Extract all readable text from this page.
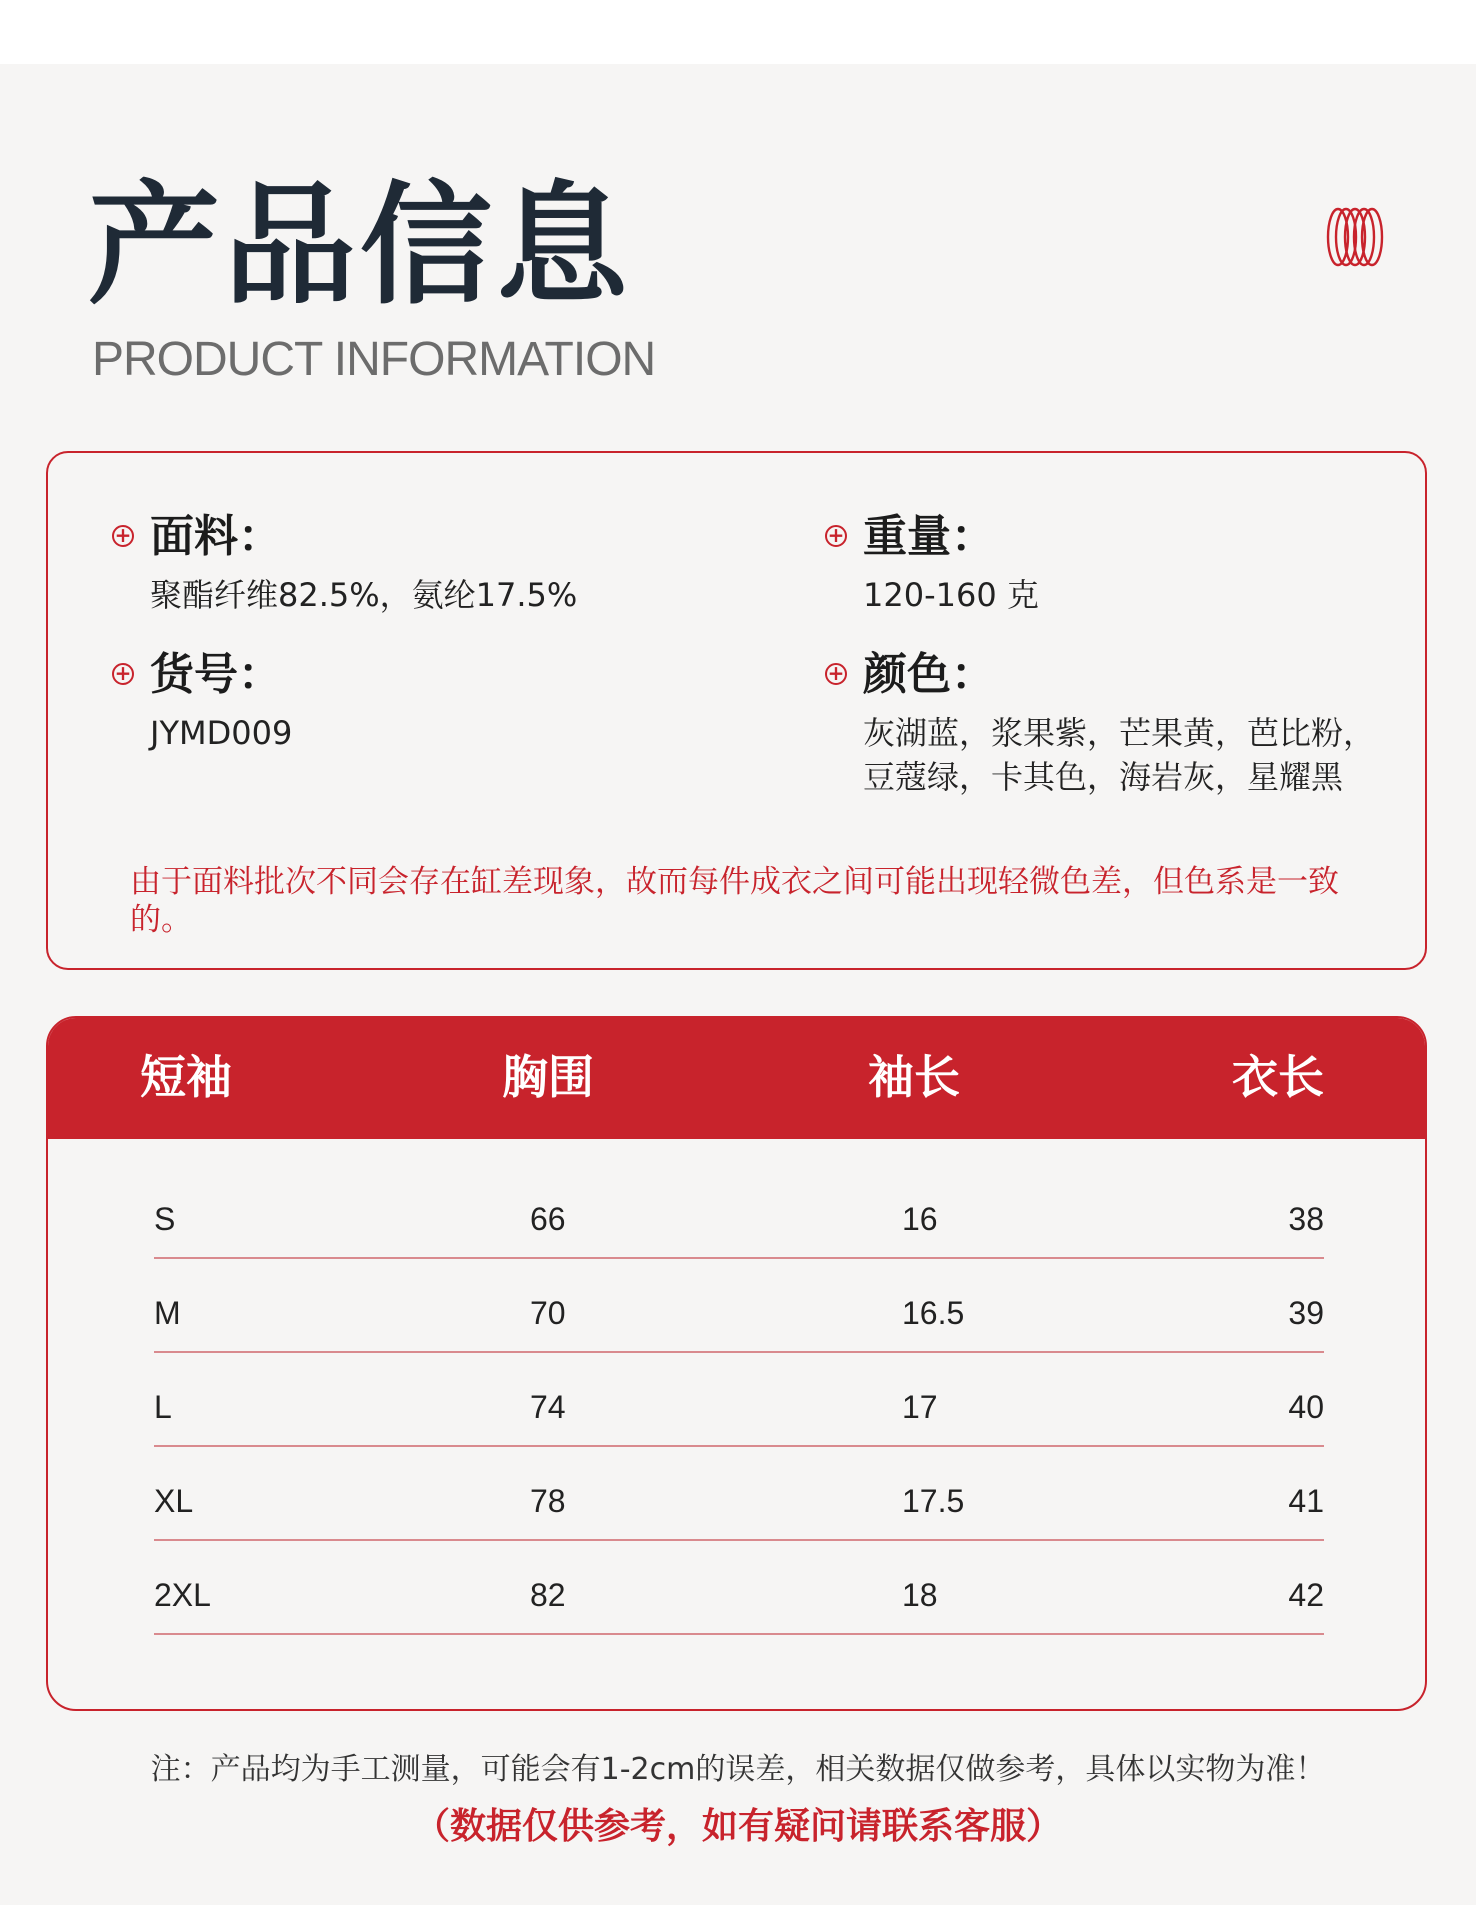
产品信息
PRODUCT INFORMATION
+ 面料：
聚酯纤维82.5%，氨纶17.5%
+ 重量：
120-160 克
+ 货号：
JYMD009
+ 颜色：
灰湖蓝，浆果紫，芒果黄，芭比粉，
豆蔻绿，卡其色，海岩灰，星耀黑
由于面料批次不同会存在缸差现象，故而每件成衣之间可能出现轻微色差，但色系是一致的。
短袖	胸围	袖长	衣长
S	66	16	38
M	70	16.5	39
L	74	17	40
XL	78	17.5	41
2XL	82	18	42
注：产品均为手工测量，可能会有1-2cm的误差，相关数据仅做参考，具体以实物为准！
（数据仅供参考，如有疑问请联系客服）
